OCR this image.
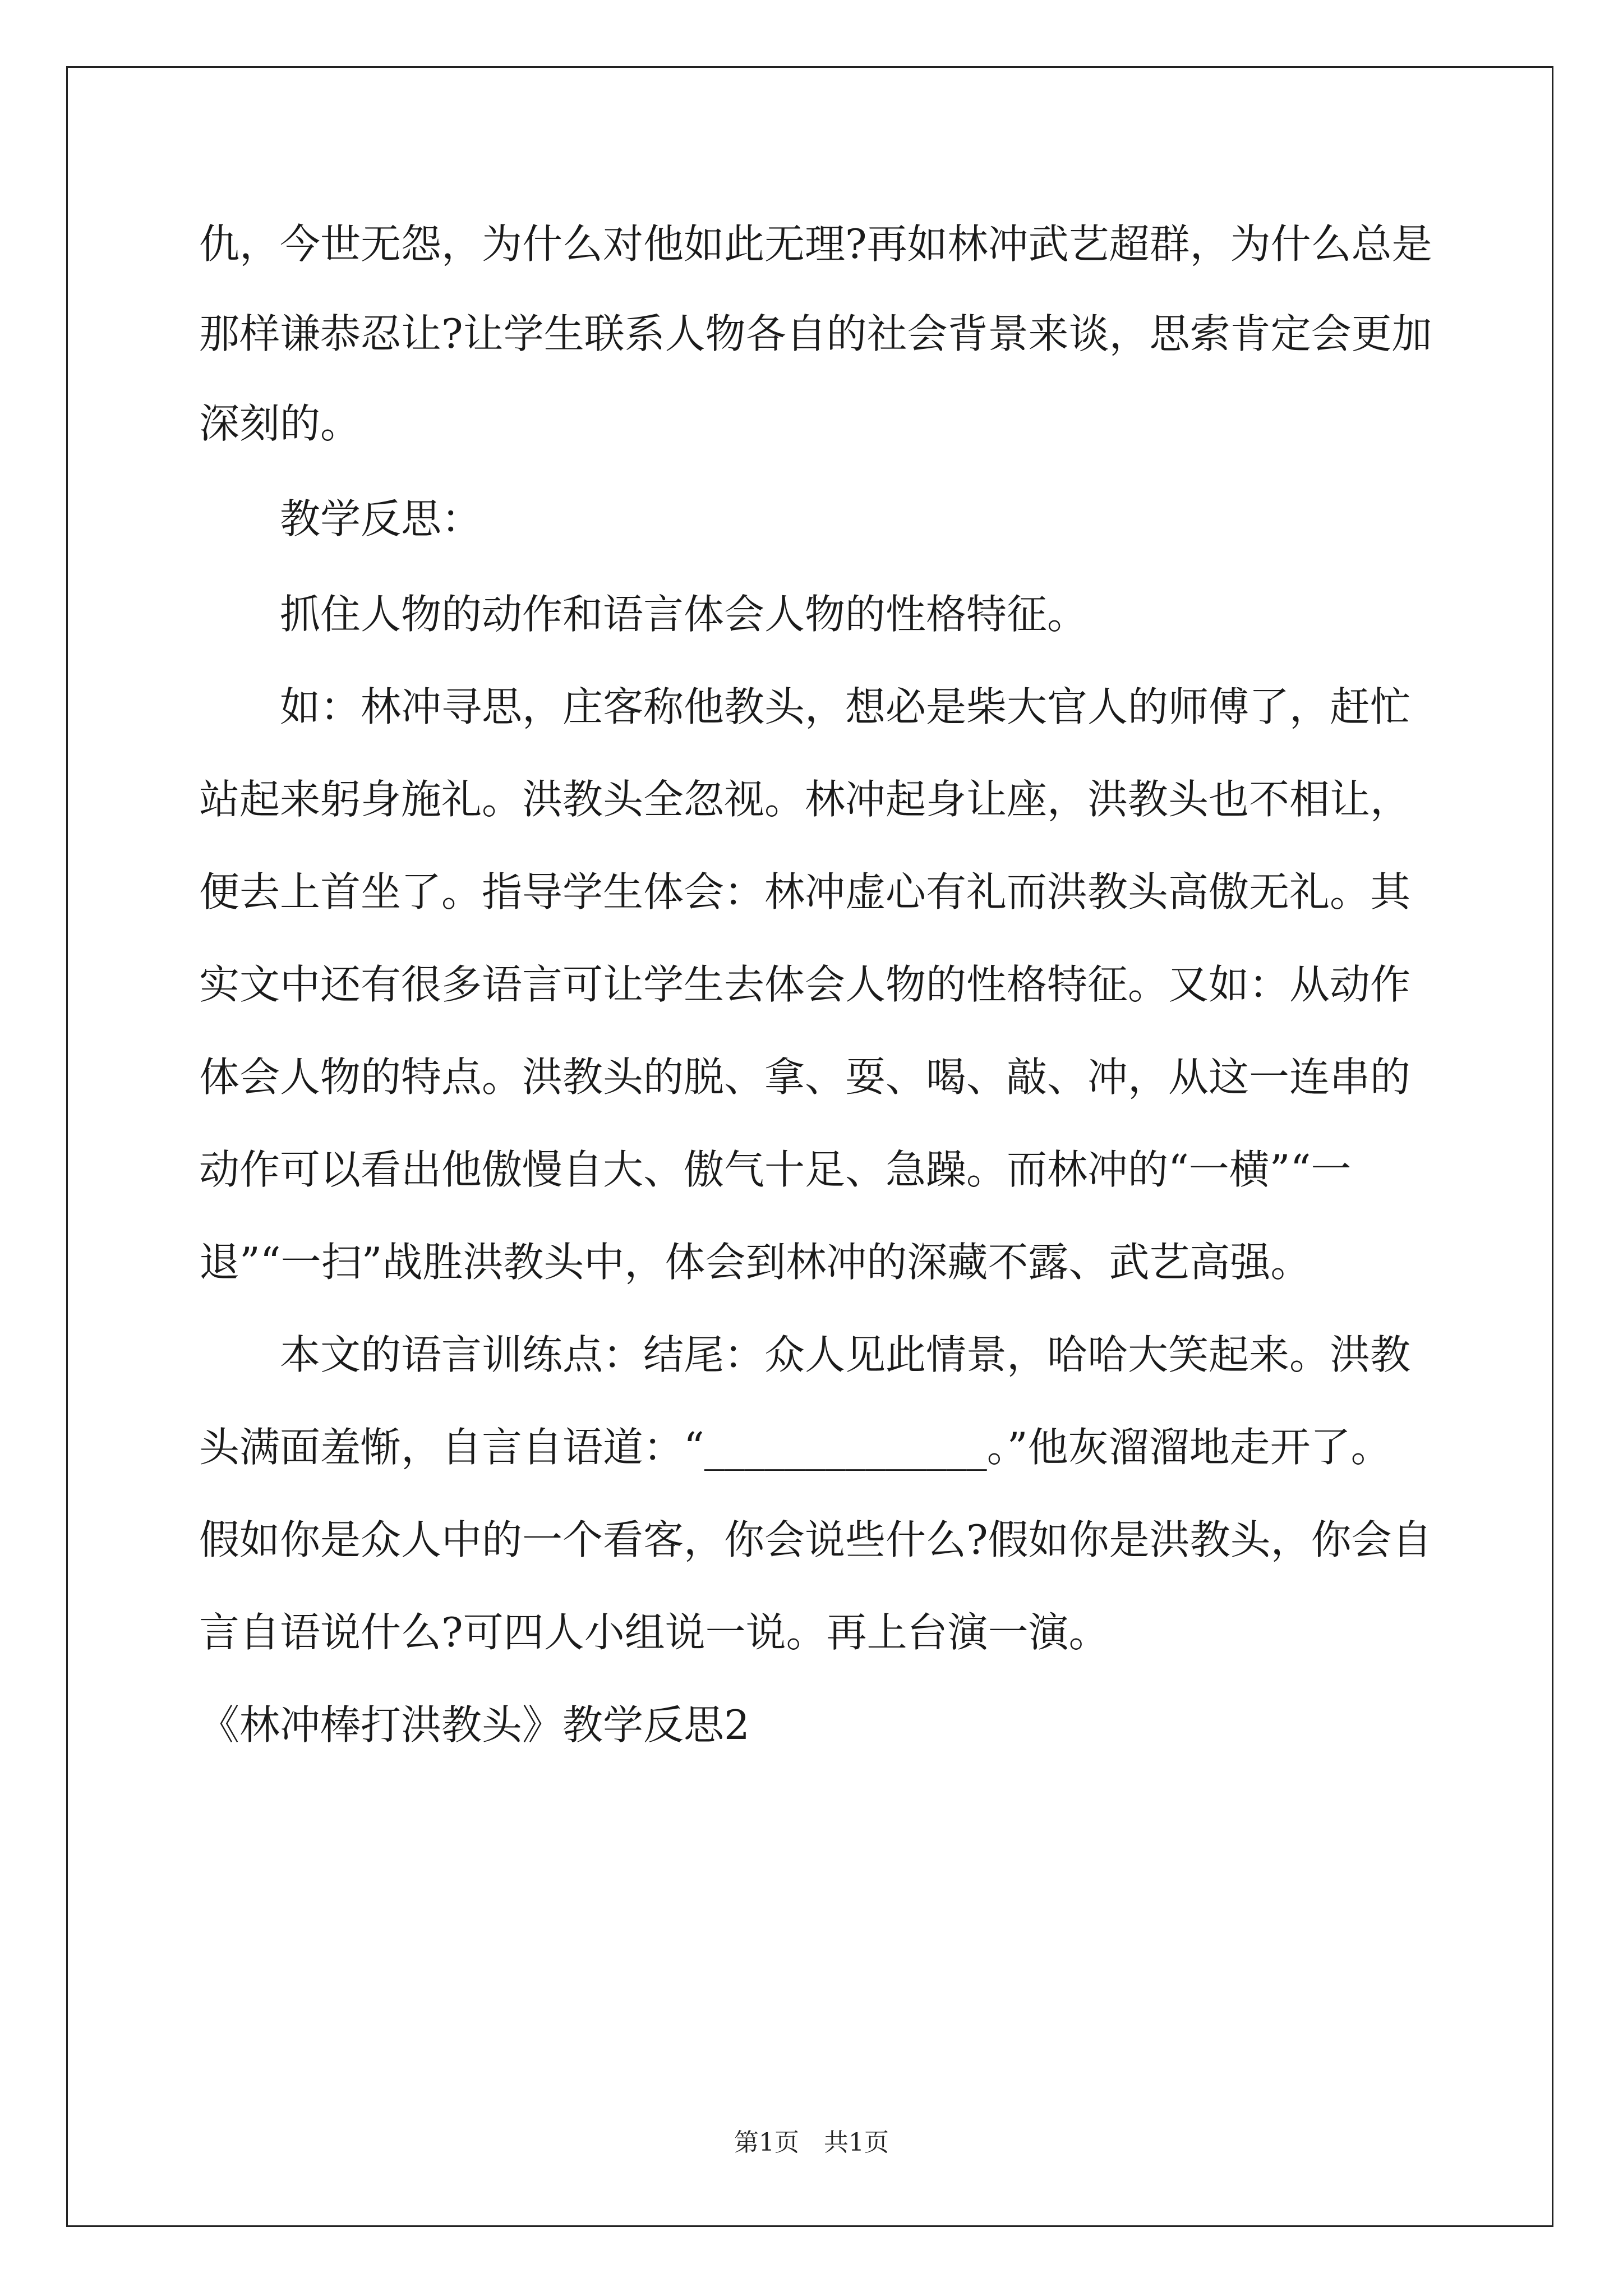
仇，今世无怨，为什么对他如此无理?再如林冲武艺超群，为什么总是
那样谦恭忍让?让学生联系人物各自的社会背景来谈，思索肯定会更加
深刻的。
　　教学反思：
　　抓住人物的动作和语言体会人物的性格特征。
　　如：林冲寻思，庄客称他教头，想必是柴大官人的师傅了，赶忙
站起来躬身施礼。洪教头全忽视。林冲起身让座，洪教头也不相让，
便去上首坐了。指导学生体会：林冲虚心有礼而洪教头高傲无礼。其
实文中还有很多语言可让学生去体会人物的性格特征。又如：从动作
体会人物的特点。洪教头的脱、拿、耍、喝、敲、冲，从这一连串的
动作可以看出他傲慢自大、傲气十足、急躁。而林冲的“一横”“一
退”“一扫”战胜洪教头中，体会到林冲的深藏不露、武艺高强。
　　本文的语言训练点：结尾：众人见此情景，哈哈大笑起来。洪教
头满面羞惭，自言自语道：“______________。”他灰溜溜地走开了。
假如你是众人中的一个看客，你会说些什么?假如你是洪教头，你会自
言自语说什么?可四人小组说一说。再上台演一演。
《林冲棒打洪教头》教学反思2
第1页　共1页
